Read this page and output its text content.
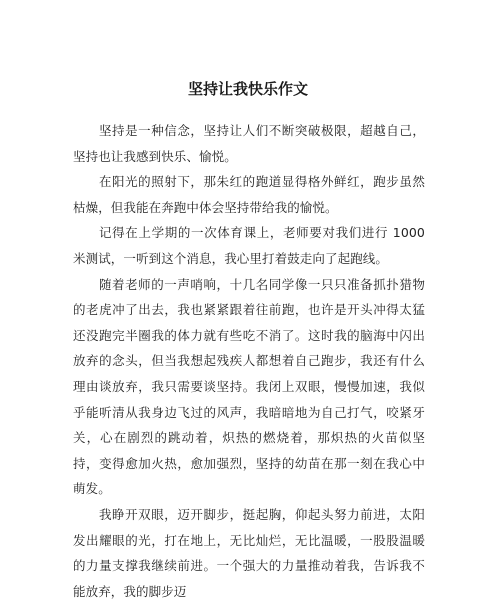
坚持让我快乐作文

坚持是一种信念，坚持让人们不断突破极限，超越自己，坚持也让我感到快乐、愉悦。

在阳光的照射下，那朱红的跑道显得格外鲜红，跑步虽然枯燥，但我能在奔跑中体会坚持带给我的愉悦。

记得在上学期的一次体育课上，老师要对我们进行 1000 米测试，一听到这个消息，我心里打着鼓走向了起跑线。

随着老师的一声哨响，十几名同学像一只只准备抓扑猎物的老虎冲了出去，我也紧紧跟着往前跑，也许是开头冲得太猛还没跑完半圈我的体力就有些吃不消了。这时我的脑海中闪出放弃的念头，但当我想起残疾人都想着自己跑步，我还有什么理由谈放弃，我只需要谈坚持。我闭上双眼，慢慢加速，我似乎能听清从我身边飞过的风声，我暗暗地为自己打气，咬紧牙关，心在剧烈的跳动着，炽热的燃烧着，那炽热的火苗似坚持，变得愈加火热，愈加强烈，坚持的幼苗在那一刻在我心中萌发。

我睁开双眼，迈开脚步，挺起胸，仰起头努力前进，太阳发出耀眼的光，打在地上，无比灿烂，无比温暖，一股股温暖的力量支撑我继续前进。一个强大的力量推动着我，告诉我不能放弃，我的脚步迈
